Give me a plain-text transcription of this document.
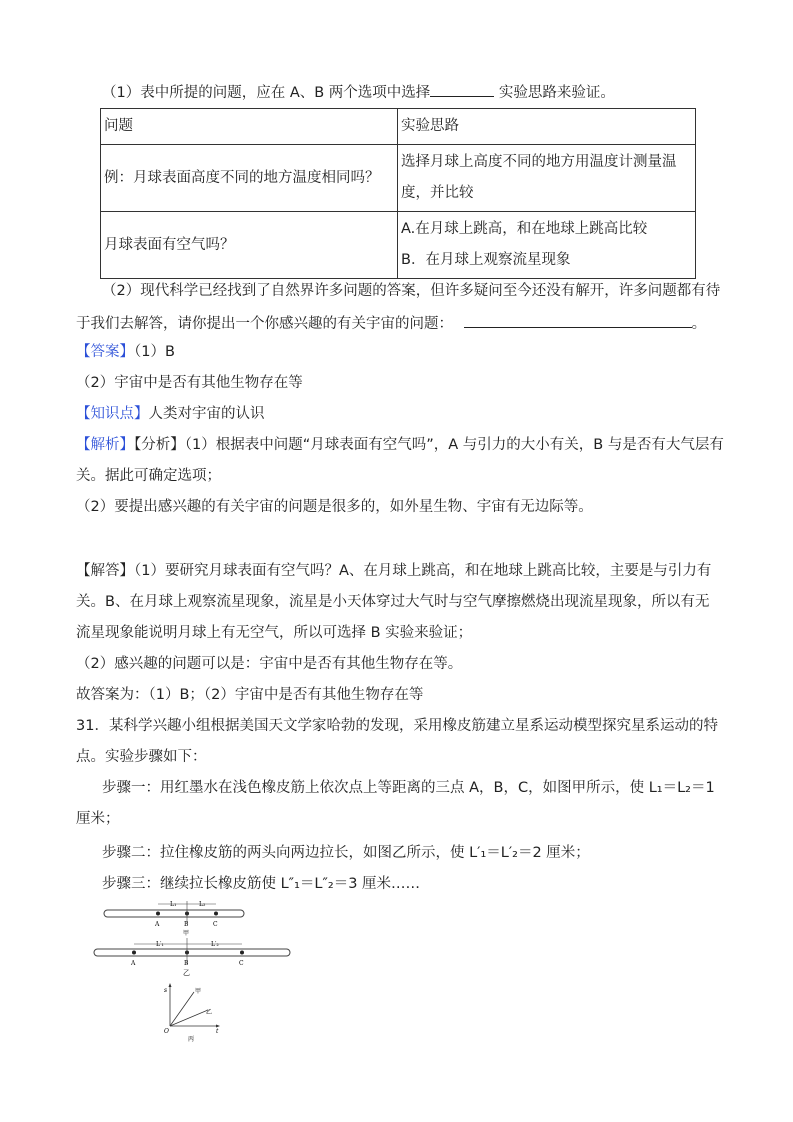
（1）表中所提的问题，应在 A、B 两个选项中选择	实验思路来验证。
问题	实验思路
例：月球表面高度不同的地方温度相同吗？	选择月球上高度不同的地方用温度计测量温
度，并比较

月球表面有空气吗？	A.在月球上跳高，和在地球上跳高比较
B．在月球上观察流星现象
（2）现代科学已经找到了自然界许多问题的答案，但许多疑问至今还没有解开，许多问题都有待
于我们去解答，请你提出一个你感兴趣的有关宇宙的问题：	。
【答案】（1）B
（2）宇宙中是否有其他生物存在等
【知识点】人类对宇宙的认识
【解析】【分析】（1）根据表中问题“月球表面有空气吗”，A 与引力的大小有关，B 与是否有大气层有
关。据此可确定选项；
（2）要提出感兴趣的有关宇宙的问题是很多的，如外星生物、宇宙有无边际等。
【解答】（1）要研究月球表面有空气吗？A、在月球上跳高，和在地球上跳高比较，主要是与引力有
关。B、在月球上观察流星现象，流星是小天体穿过大气时与空气摩擦燃烧出现流星现象，所以有无
流星现象能说明月球上有无空气，所以可选择 B 实验来验证；
（2）感兴趣的问题可以是：宇宙中是否有其他生物存在等。
故答案为：（1）B；（2）宇宙中是否有其他生物存在等
31．某科学兴趣小组根据美国天文学家哈勃的发现，采用橡皮筋建立星系运动模型探究星系运动的特
点。实验步骤如下：
步骤一：用红墨水在浅色橡皮筋上依次点上等距离的三点 A，B，C，如图甲所示，使 L₁＝L₂＝1
厘米；
步骤二：拉住橡皮筋的两头向两边拉长，如图乙所示，使 L′₁＝L′₂＝2 厘米；
步骤三：继续拉长橡皮筋使 L″₁＝L″₂＝3 厘米……
L₁	L₂
A	B	C
甲
L′₁	L′₂
A	B	C
乙
s
t
O
甲
乙
丙
